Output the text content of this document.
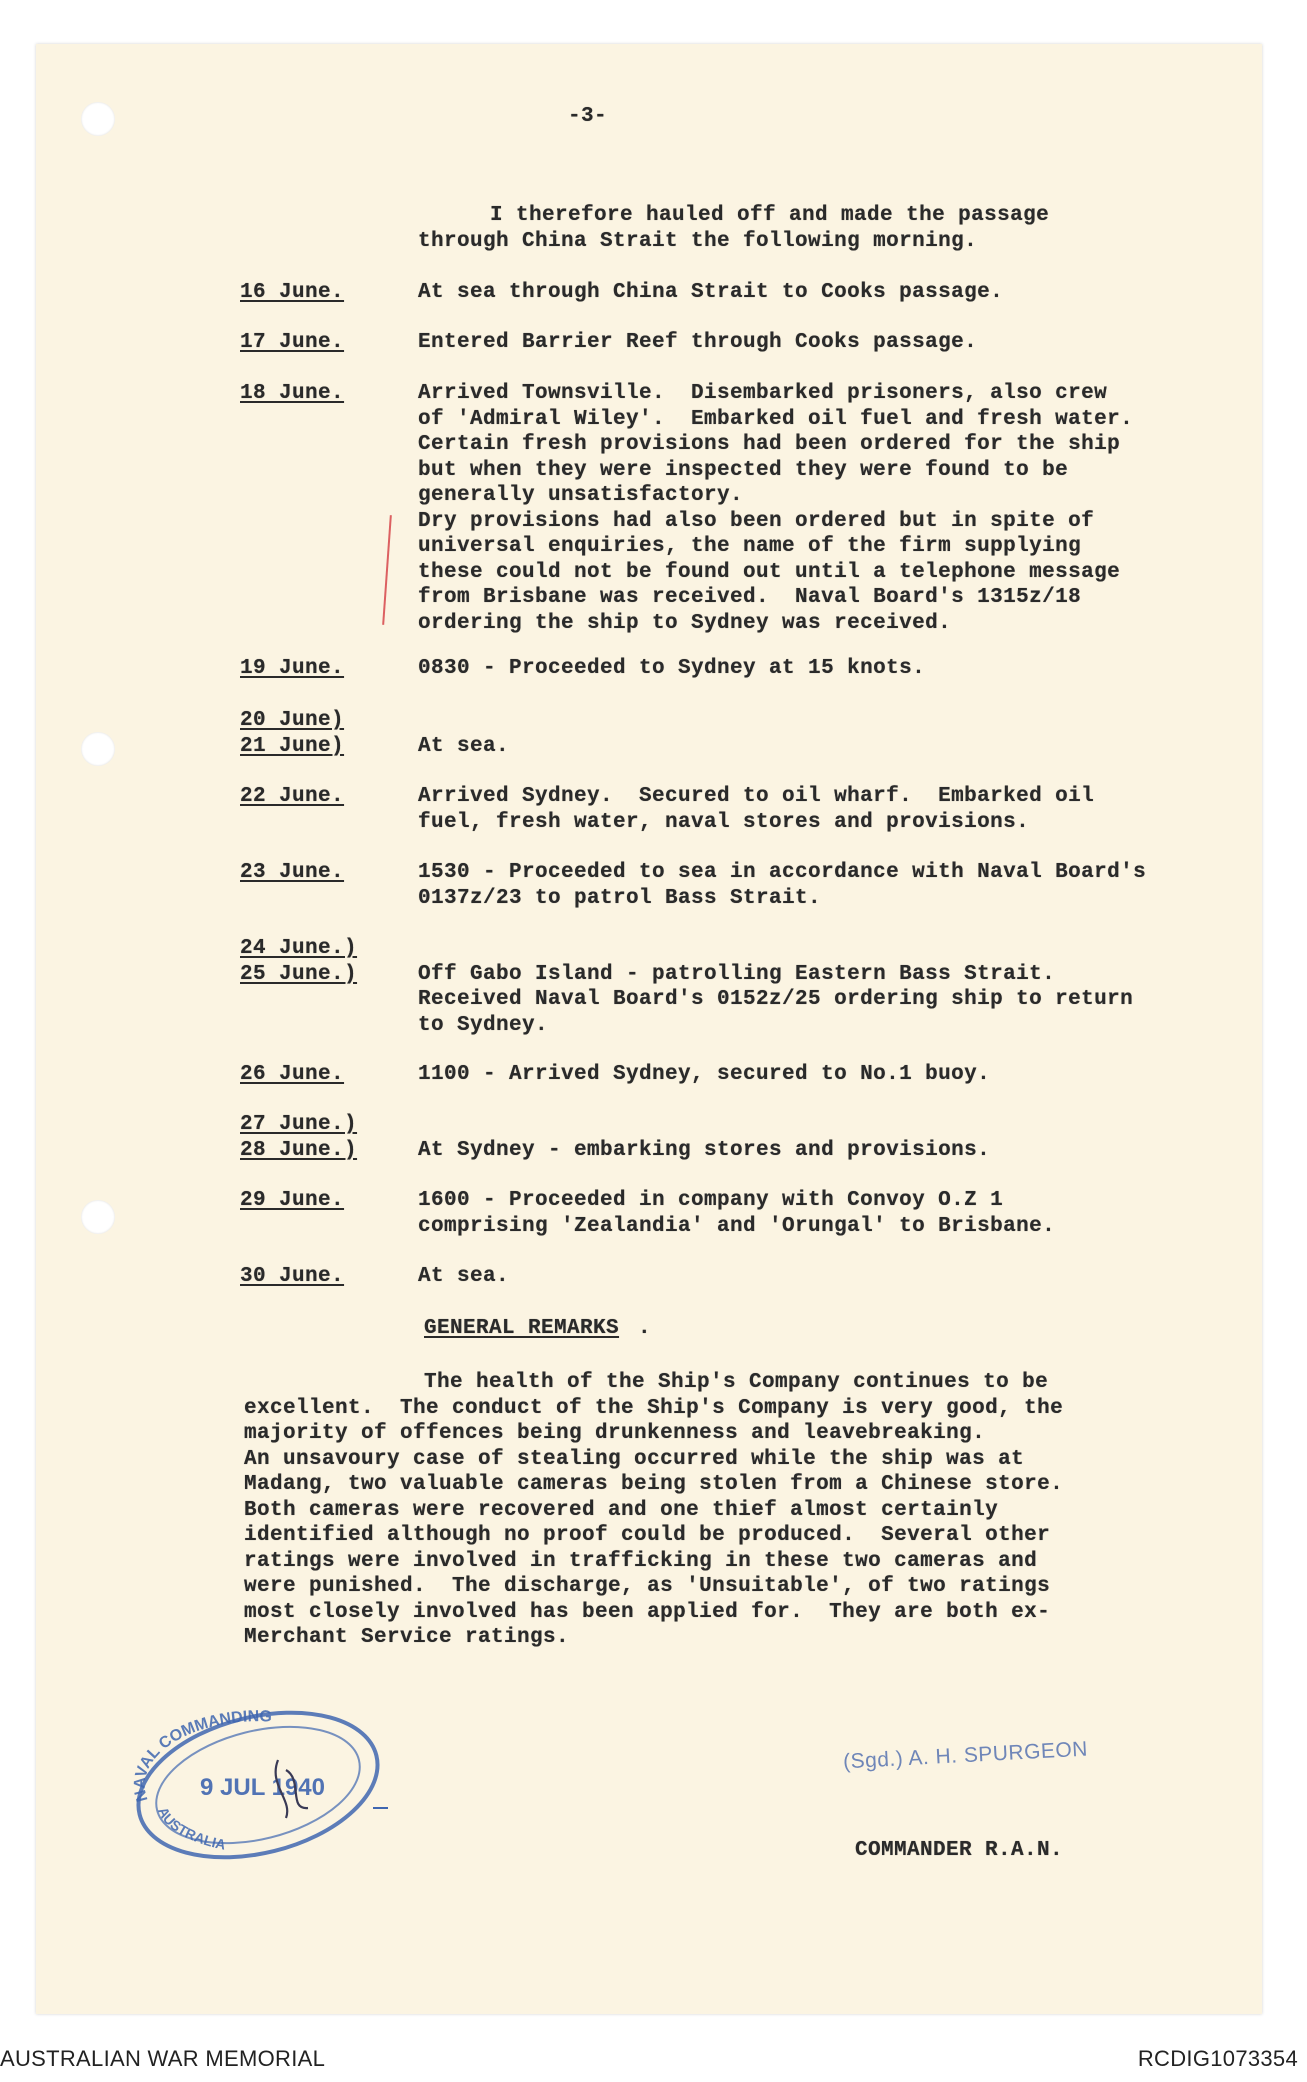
-3-
I therefore hauled off and made the passage
through China Strait the following morning.
16 June.	At sea through China Strait to Cooks passage.
17 June.	Entered Barrier Reef through Cooks passage.
18 June.	Arrived Townsville.  Disembarked prisoners, also crew
of 'Admiral Wiley'.  Embarked oil fuel and fresh water.
Certain fresh provisions had been ordered for the ship
but when they were inspected they were found to be
generally unsatisfactory.
Dry provisions had also been ordered but in spite of
universal enquiries, the name of the firm supplying
these could not be found out until a telephone message
from Brisbane was received.  Naval Board's 1315z/18
ordering the ship to Sydney was received.
19 June.	0830 - Proceeded to Sydney at 15 knots.
20 June)
21 June)	At sea.
22 June.	Arrived Sydney.  Secured to oil wharf.  Embarked oil
fuel, fresh water, naval stores and provisions.
23 June.	1530 - Proceeded to sea in accordance with Naval Board's
0137z/23 to patrol Bass Strait.
24 June.)
25 June.)	Off Gabo Island - patrolling Eastern Bass Strait.
Received Naval Board's 0152z/25 ordering ship to return
to Sydney.
26 June.	1100 - Arrived Sydney, secured to No.1 buoy.
27 June.)
28 June.)	At Sydney - embarking stores and provisions.
29 June.	1600 - Proceeded in company with Convoy O.Z 1
comprising 'Zealandia' and 'Orungal' to Brisbane.
30 June.	At sea.
GENERAL REMARKS .
The health of the Ship's Company continues to be
excellent.  The conduct of the Ship's Company is very good, the
majority of offences being drunkenness and leavebreaking.
An unsavoury case of stealing occurred while the ship was at
Madang, two valuable cameras being stolen from a Chinese store.
Both cameras were recovered and one thief almost certainly
identified although no proof could be produced.  Several other
ratings were involved in trafficking in these two cameras and
were punished.  The discharge, as 'Unsuitable', of two ratings
most closely involved has been applied for.  They are both ex-
Merchant Service ratings.
COMMANDER R.A.N.
(Sgd.) A. H. SPURGEON
NAVAL COMMANDING
AUSTRALIA
9 JUL 1940
AUSTRALIAN WAR MEMORIAL	RCDIG1073354
